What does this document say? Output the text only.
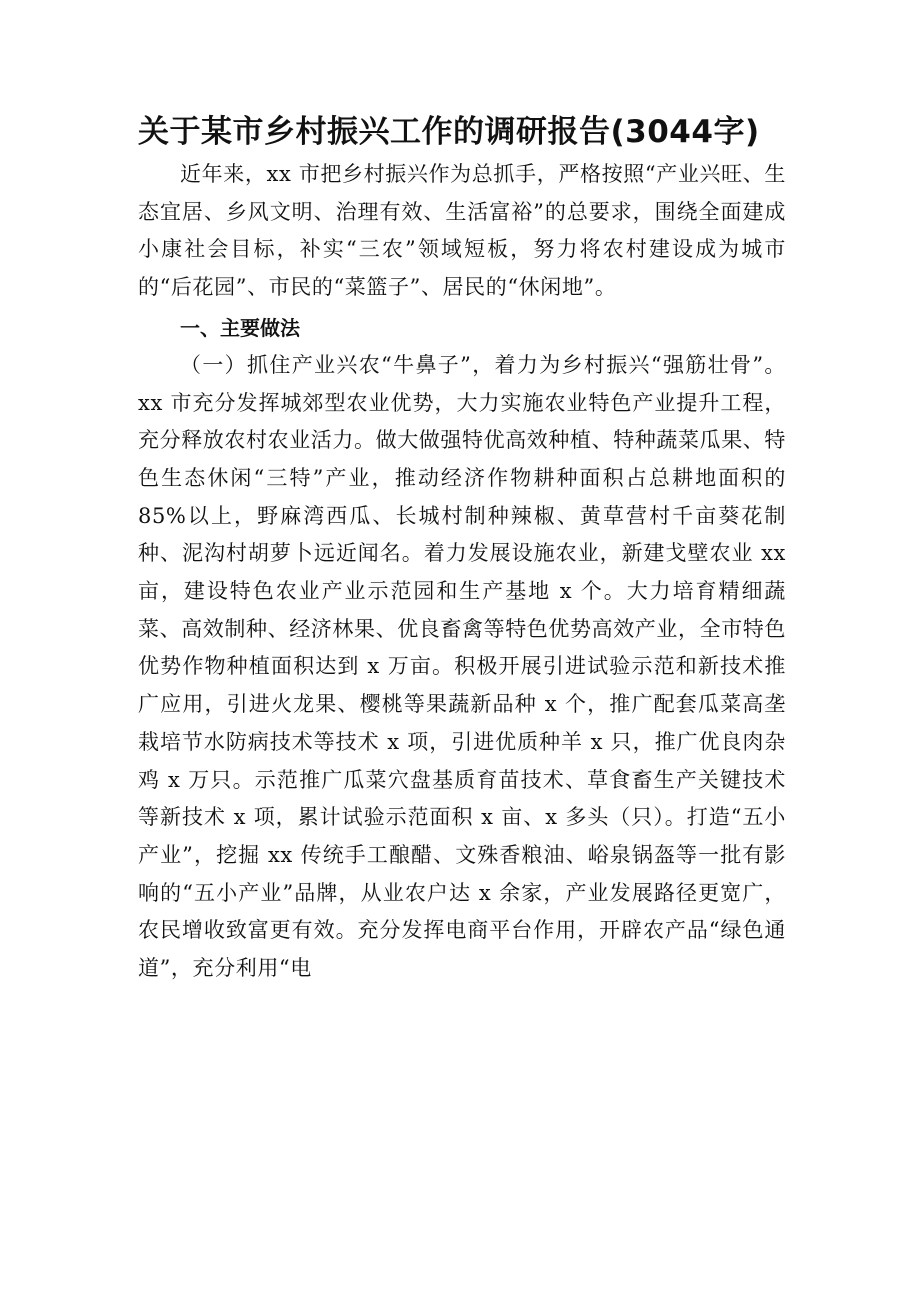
关于某市乡村振兴工作的调研报告(3044字)

近年来，xx 市把乡村振兴作为总抓手，严格按照“产业兴旺、生态宜居、乡风文明、治理有效、生活富裕”的总要求，围绕全面建成小康社会目标，补实“三农”领域短板，努力将农村建设成为城市的“后花园”、市民的“菜篮子”、居民的“休闲地”。

一、主要做法

（一）抓住产业兴农“牛鼻子”，着力为乡村振兴“强筋壮骨”。xx 市充分发挥城郊型农业优势，大力实施农业特色产业提升工程，充分释放农村农业活力。做大做强特优高效种植、特种蔬菜瓜果、特色生态休闲“三特”产业，推动经济作物耕种面积占总耕地面积的 85%以上，野麻湾西瓜、长城村制种辣椒、黄草营村千亩葵花制种、泥沟村胡萝卜远近闻名。着力发展设施农业，新建戈壁农业 xx 亩，建设特色农业产业示范园和生产基地 x 个。大力培育精细蔬菜、高效制种、经济林果、优良畜禽等特色优势高效产业，全市特色优势作物种植面积达到 x 万亩。积极开展引进试验示范和新技术推广应用，引进火龙果、樱桃等果蔬新品种 x 个，推广配套瓜菜高垄栽培节水防病技术等技术 x 项，引进优质种羊 x 只，推广优良肉杂鸡 x 万只。示范推广瓜菜穴盘基质育苗技术、草食畜生产关键技术等新技术 x 项，累计试验示范面积 x 亩、x 多头（只）。打造“五小产业”，挖掘 xx 传统手工酿醋、文殊香粮油、峪泉锅盔等一批有影响的“五小产业”品牌，从业农户达 x 余家，产业发展路径更宽广，农民增收致富更有效。充分发挥电商平台作用，开辟农产品“绿色通道”，充分利用“电
